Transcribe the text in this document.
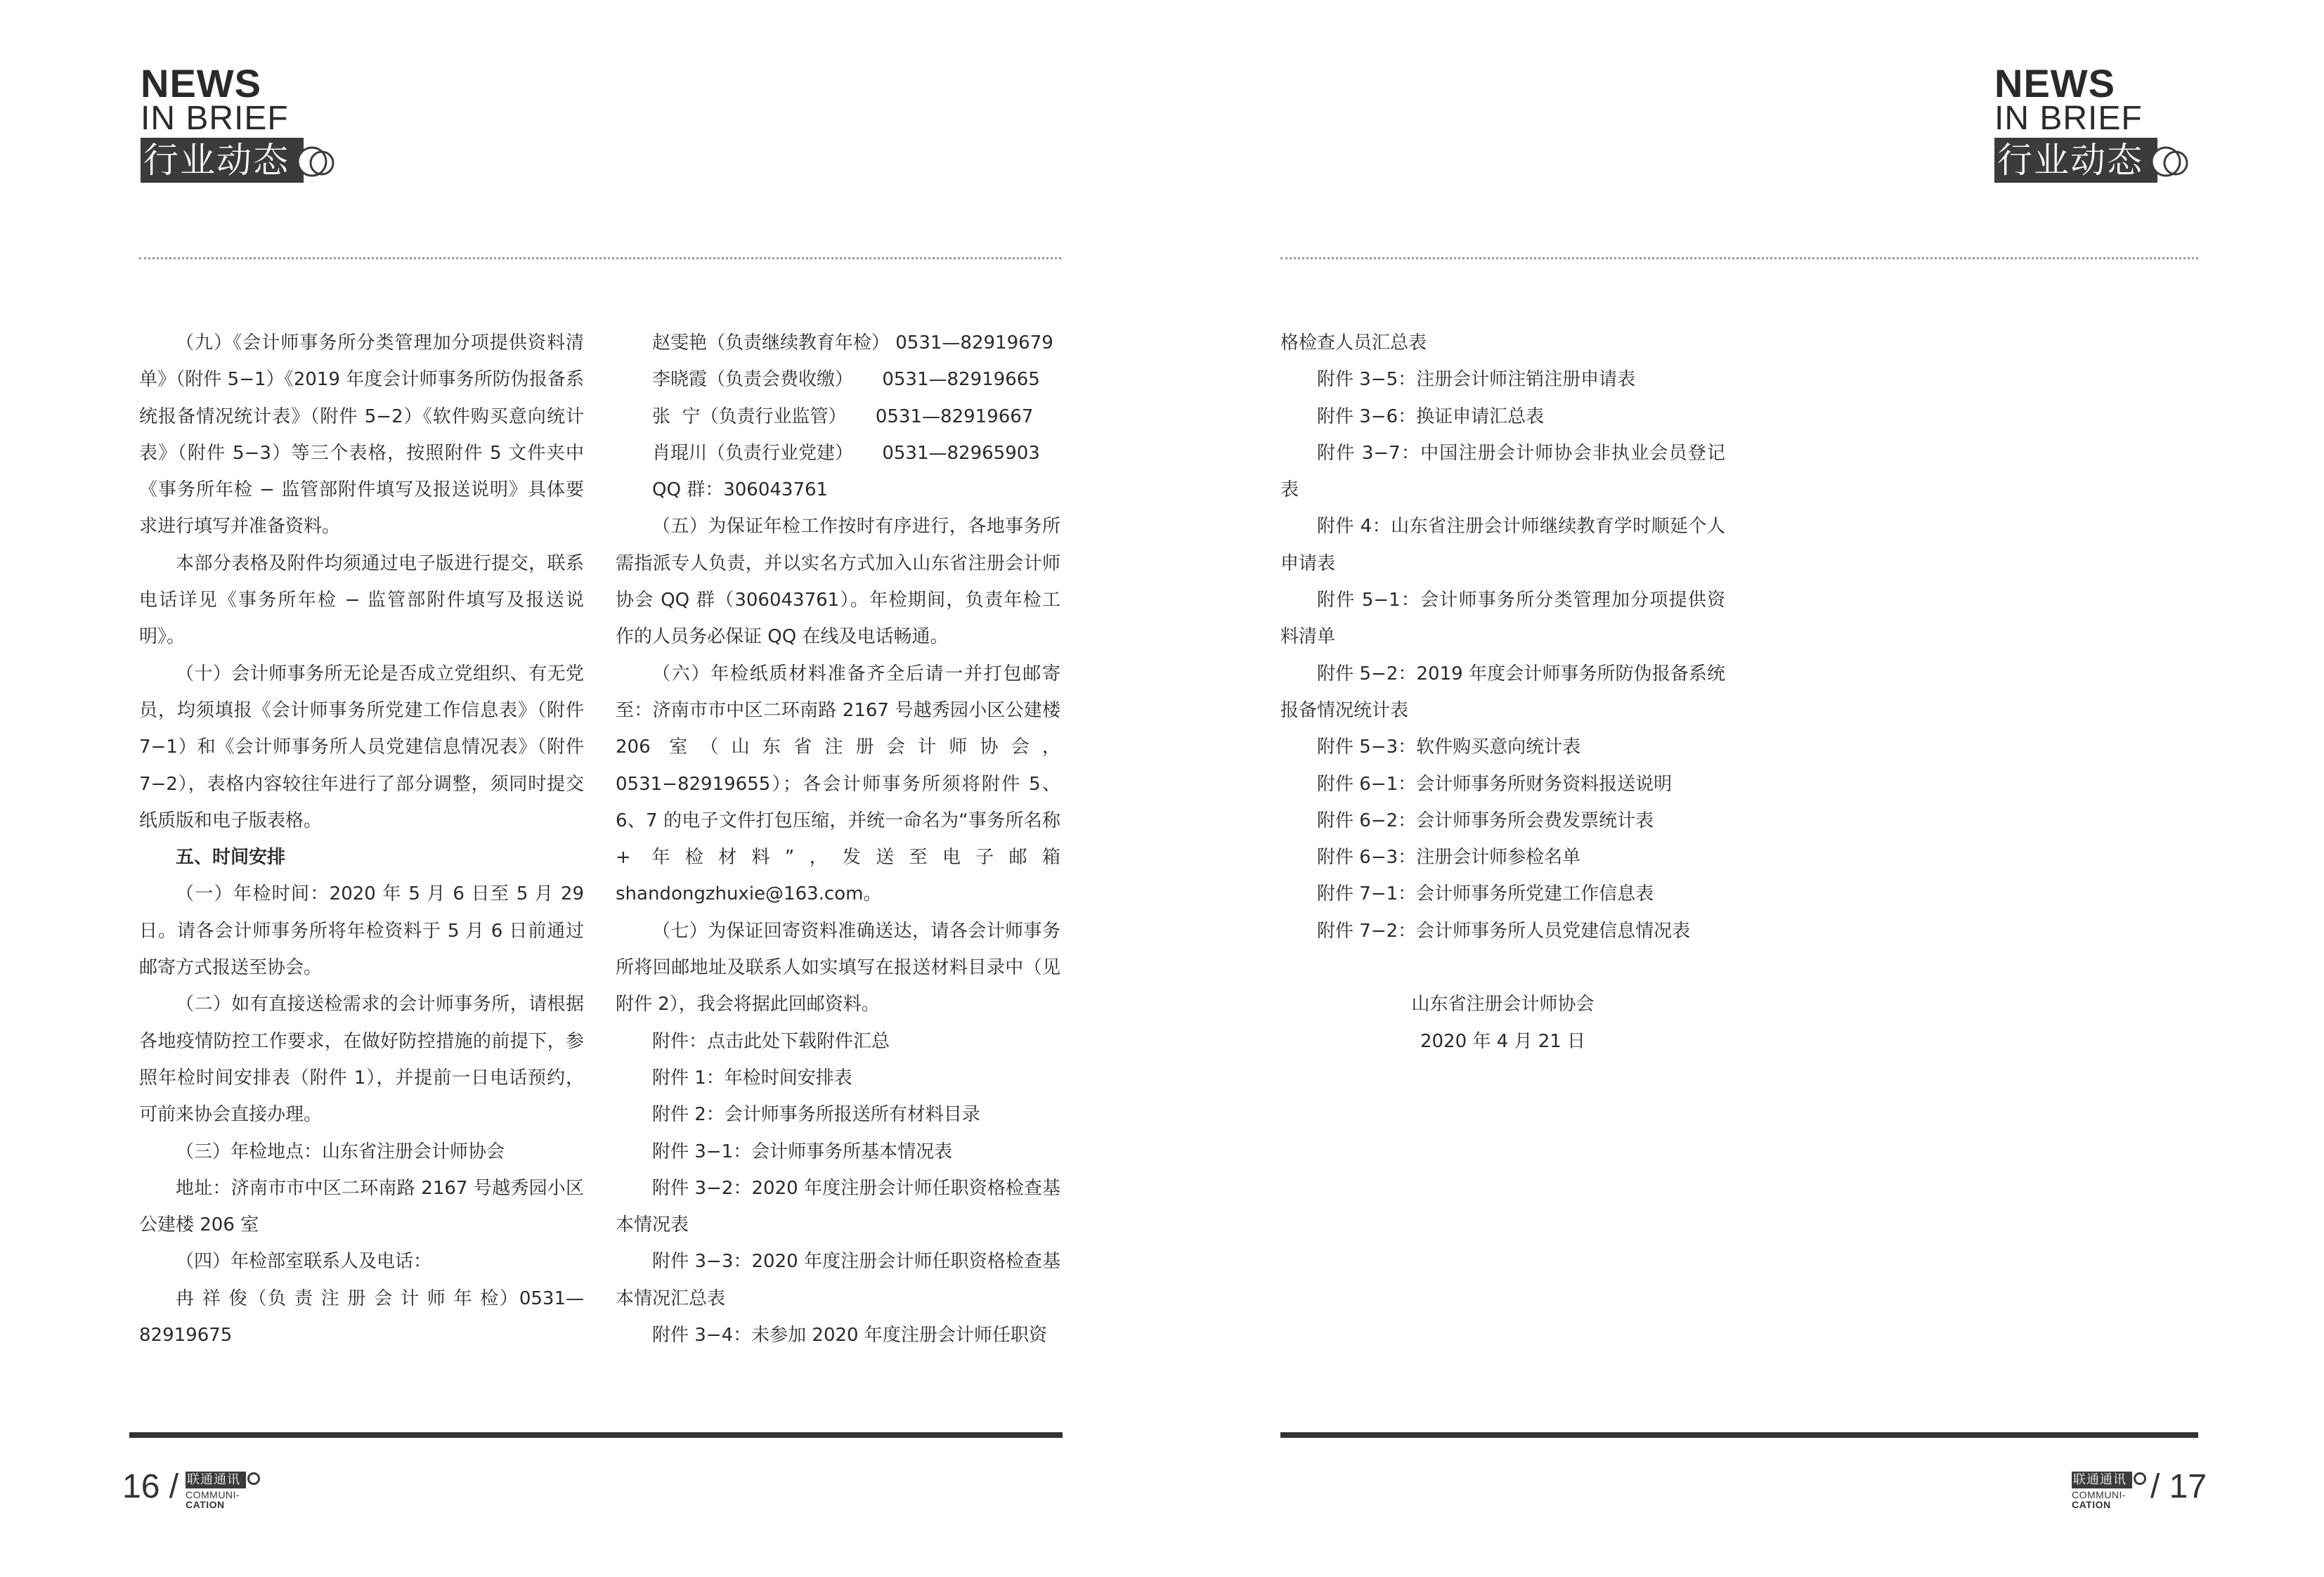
NEWS
IN BRIEF
行业动态
NEWS
IN BRIEF
行业动态

（九）《会计师事务所分类管理加分项提供资料清单》（附件 5−1）《2019 年度会计师事务所防伪报备系统报备情况统计表》（附件 5−2）《软件购买意向统计表》（附件 5−3）等三个表格，按照附件 5 文件夹中《事务所年检 − 监管部附件填写及报送说明》具体要求进行填写并准备资料。

本部分表格及附件均须通过电子版进行提交，联系电话详见《事务所年检 − 监管部附件填写及报送说明》。

（十）会计师事务所无论是否成立党组织、有无党员，均须填报《会计师事务所党建工作信息表》（附件 7−1）和《会计师事务所人员党建信息情况表》（附件 7−2），表格内容较往年进行了部分调整，须同时提交纸质版和电子版表格。

五、时间安排

（一）年检时间：2020 年 5 月 6 日至 5 月 29 日。请各会计师事务所将年检资料于 5 月 6 日前通过邮寄方式报送至协会。

（二）如有直接送检需求的会计师事务所，请根据各地疫情防控工作要求，在做好防控措施的前提下，参照年检时间安排表（附件 1），并提前一日电话预约，可前来协会直接办理。

（三）年检地点：山东省注册会计师协会

地址：济南市市中区二环南路 2167 号越秀园小区公建楼 206 室

（四）年检部室联系人及电话：

冉 祥 俊（负 责 注 册 会 计 师 年 检）0531—82919675

赵雯艳（负责继续教育年检） 0531—82919679

李晓霞（负责会费收缴）     0531—82919665

张  宁（负责行业监管）     0531—82919667

肖琨川（负责行业党建）     0531—82965903

QQ 群：306043761

（五）为保证年检工作按时有序进行，各地事务所需指派专人负责，并以实名方式加入山东省注册会计师协会 QQ 群（306043761）。年检期间，负责年检工作的人员务必保证 QQ 在线及电话畅通。

（六）年检纸质材料准备齐全后请一并打包邮寄至：济南市市中区二环南路 2167 号越秀园小区公建楼 206 室（山东省注册会计师协会，0531−82919655）；各会计师事务所须将附件 5、6、7 的电子文件打包压缩，并统一命名为“事务所名称 + 年检材料”，发送至电子邮箱 shandongzhuxie@163.com。

（七）为保证回寄资料准确送达，请各会计师事务所将回邮地址及联系人如实填写在报送材料目录中（见附件 2），我会将据此回邮资料。

附件：点击此处下载附件汇总

附件 1：年检时间安排表

附件 2：会计师事务所报送所有材料目录

附件 3−1：会计师事务所基本情况表

附件 3−2：2020 年度注册会计师任职资格检查基本情况表

附件 3−3：2020 年度注册会计师任职资格检查基本情况汇总表

附件 3−4：未参加 2020 年度注册会计师任职资

格检查人员汇总表

附件 3−5：注册会计师注销注册申请表

附件 3−6：换证申请汇总表

附件 3−7：中国注册会计师协会非执业会员登记表

附件 4：山东省注册会计师继续教育学时顺延个人申请表

附件 5−1：会计师事务所分类管理加分项提供资料清单

附件 5−2：2019 年度会计师事务所防伪报备系统报备情况统计表

附件 5−3：软件购买意向统计表

附件 6−1：会计师事务所财务资料报送说明

附件 6−2：会计师事务所会费发票统计表

附件 6−3：注册会计师参检名单

附件 7−1：会计师事务所党建工作信息表

附件 7−2：会计师事务所人员党建信息情况表

山东省注册会计师协会

2020 年 4 月 21 日

16 / 联通通讯
COMMUNI-
CATION
联通通讯
COMMUNI-
CATION	/ 17
